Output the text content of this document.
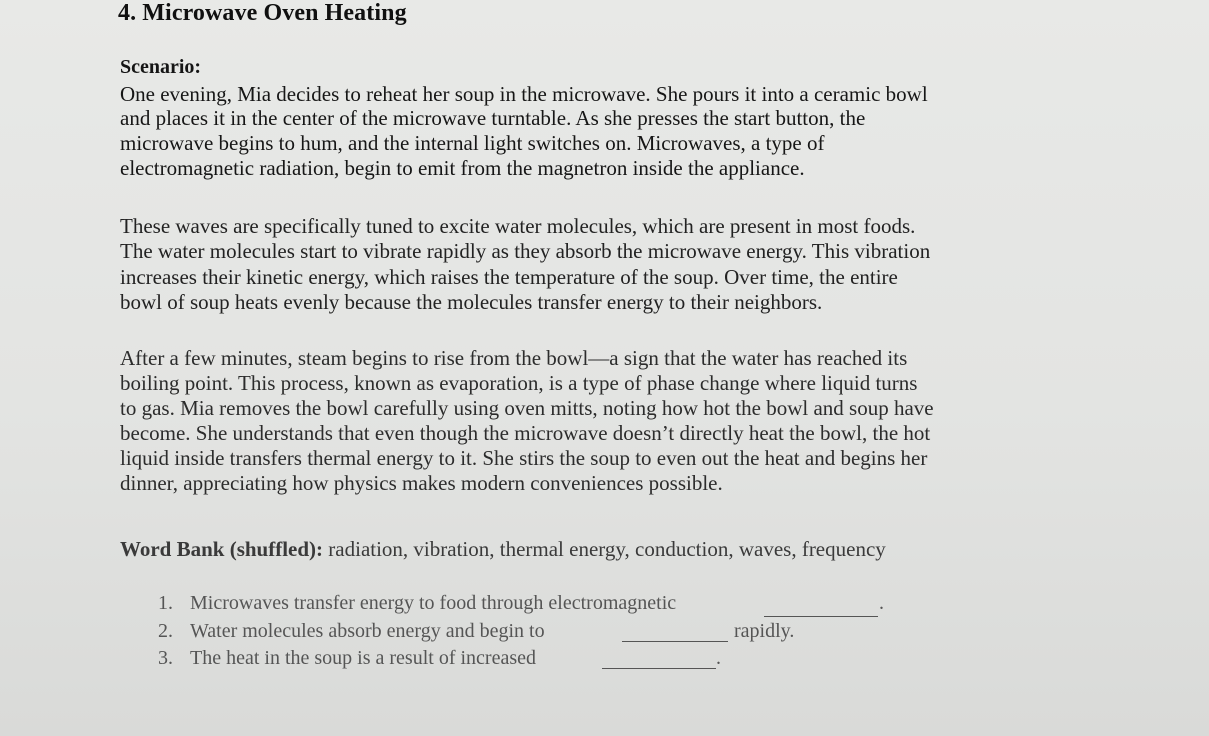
4. Microwave Oven Heating
Scenario:
One evening, Mia decides to reheat her soup in the microwave. She pours it into a ceramic bowl
and places it in the center of the microwave turntable. As she presses the start button, the
microwave begins to hum, and the internal light switches on. Microwaves, a type of
electromagnetic radiation, begin to emit from the magnetron inside the appliance.
These waves are specifically tuned to excite water molecules, which are present in most foods.
The water molecules start to vibrate rapidly as they absorb the microwave energy. This vibration
increases their kinetic energy, which raises the temperature of the soup. Over time, the entire
bowl of soup heats evenly because the molecules transfer energy to their neighbors.
After a few minutes, steam begins to rise from the bowl—a sign that the water has reached its
boiling point. This process, known as evaporation, is a type of phase change where liquid turns
to gas. Mia removes the bowl carefully using oven mitts, noting how hot the bowl and soup have
become. She understands that even though the microwave doesn’t directly heat the bowl, the hot
liquid inside transfers thermal energy to it. She stirs the soup to even out the heat and begins her
dinner, appreciating how physics makes modern conveniences possible.
Word Bank (shuffled): radiation, vibration, thermal energy, conduction, waves, frequency
1. Microwaves transfer energy to food through electromagnetic	.
2. Water molecules absorb energy and begin to	rapidly.
3. The heat in the soup is a result of increased	.
